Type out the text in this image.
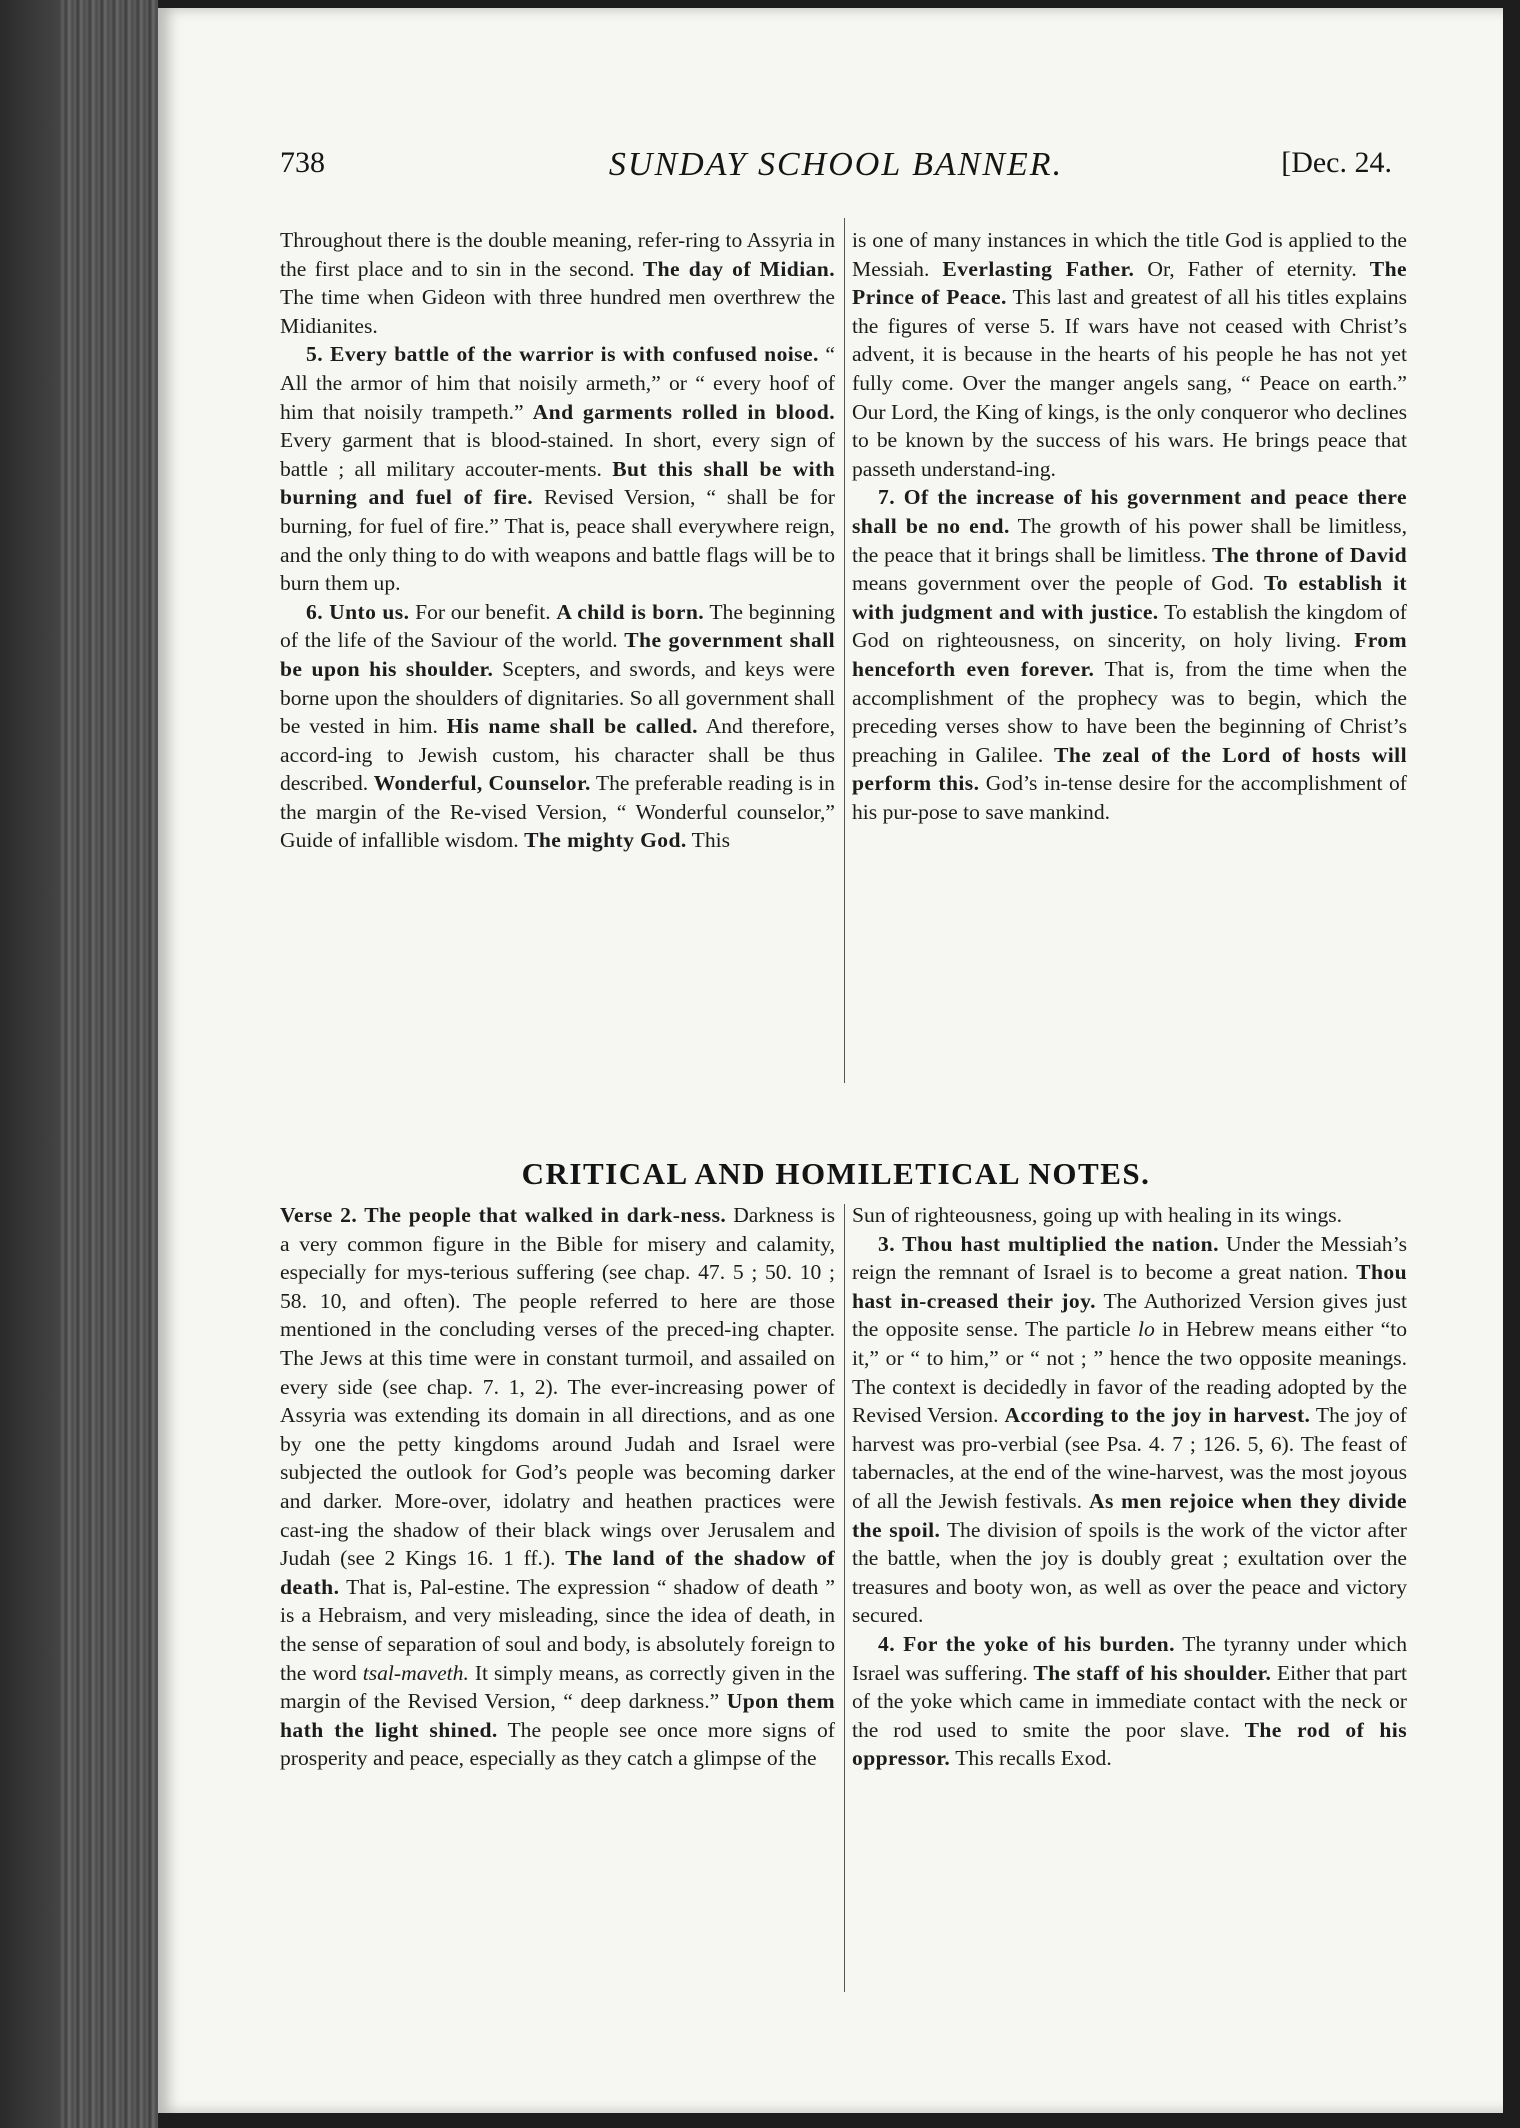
738	SUNDAY SCHOOL BANNER.	[Dec. 24.

Throughout there is the double meaning, refer-ring to Assyria in the first place and to sin in the second. The day of Midian. The time when Gideon with three hundred men overthrew the Midianites.

5. Every battle of the warrior is with confused noise. “ All the armor of him that noisily armeth,” or “ every hoof of him that noisily trampeth.” And garments rolled in blood. Every garment that is blood-stained. In short, every sign of battle ; all military accouter-ments. But this shall be with burning and fuel of fire. Revised Version, “ shall be for burning, for fuel of fire.” That is, peace shall everywhere reign, and the only thing to do with weapons and battle flags will be to burn them up.

6. Unto us. For our benefit. A child is born. The beginning of the life of the Saviour of the world. The government shall be upon his shoulder. Scepters, and swords, and keys were borne upon the shoulders of dignitaries. So all government shall be vested in him. His name shall be called. And therefore, accord-ing to Jewish custom, his character shall be thus described. Wonderful, Counselor. The preferable reading is in the margin of the Re-vised Version, “ Wonderful counselor,” Guide of infallible wisdom. The mighty God. This

is one of many instances in which the title God is applied to the Messiah. Everlasting Father. Or, Father of eternity. The Prince of Peace. This last and greatest of all his titles explains the figures of verse 5. If wars have not ceased with Christ’s advent, it is because in the hearts of his people he has not yet fully come. Over the manger angels sang, “ Peace on earth.” Our Lord, the King of kings, is the only conqueror who declines to be known by the success of his wars. He brings peace that passeth understand-ing.

7. Of the increase of his government and peace there shall be no end. The growth of his power shall be limitless, the peace that it brings shall be limitless. The throne of David means government over the people of God. To establish it with judgment and with justice. To establish the kingdom of God on righteousness, on sincerity, on holy living. From henceforth even forever. That is, from the time when the accomplishment of the prophecy was to begin, which the preceding verses show to have been the beginning of Christ’s preaching in Galilee. The zeal of the Lord of hosts will perform this. God’s in-tense desire for the accomplishment of his pur-pose to save mankind.

CRITICAL AND HOMILETICAL NOTES.

Verse 2. The people that walked in dark-ness. Darkness is a very common figure in the Bible for misery and calamity, especially for mys-terious suffering (see chap. 47. 5 ; 50. 10 ; 58. 10, and often). The people referred to here are those mentioned in the concluding verses of the preced-ing chapter. The Jews at this time were in constant turmoil, and assailed on every side (see chap. 7. 1, 2). The ever-increasing power of Assyria was extending its domain in all directions, and as one by one the petty kingdoms around Judah and Israel were subjected the outlook for God’s people was becoming darker and darker. More-over, idolatry and heathen practices were cast-ing the shadow of their black wings over Jerusalem and Judah (see 2 Kings 16. 1 ff.). The land of the shadow of death. That is, Pal-estine. The expression “ shadow of death ” is a Hebraism, and very misleading, since the idea of death, in the sense of separation of soul and body, is absolutely foreign to the word tsal-maveth. It simply means, as correctly given in the margin of the Revised Version, “ deep darkness.” Upon them hath the light shined. The people see once more signs of prosperity and peace, especially as they catch a glimpse of the

Sun of righteousness, going up with healing in its wings.

3. Thou hast multiplied the nation. Under the Messiah’s reign the remnant of Israel is to become a great nation. Thou hast in-creased their joy. The Authorized Version gives just the opposite sense. The particle lo in Hebrew means either “to it,” or “ to him,” or “ not ; ” hence the two opposite meanings. The context is decidedly in favor of the reading adopted by the Revised Version. According to the joy in harvest. The joy of harvest was pro-verbial (see Psa. 4. 7 ; 126. 5, 6). The feast of tabernacles, at the end of the wine-harvest, was the most joyous of all the Jewish festivals. As men rejoice when they divide the spoil. The division of spoils is the work of the victor after the battle, when the joy is doubly great ; exultation over the treasures and booty won, as well as over the peace and victory secured.

4. For the yoke of his burden. The tyranny under which Israel was suffering. The staff of his shoulder. Either that part of the yoke which came in immediate contact with the neck or the rod used to smite the poor slave. The rod of his oppressor. This recalls Exod.
